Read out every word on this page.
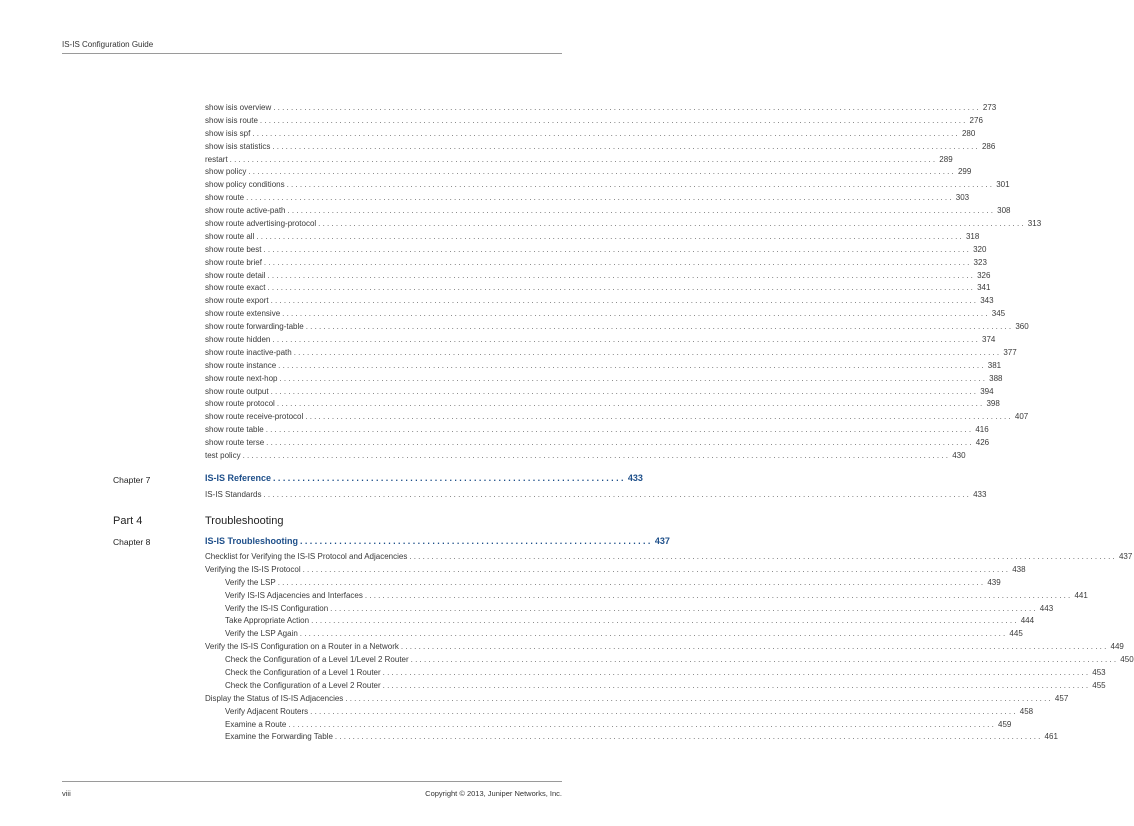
IS-IS Configuration Guide
show isis overview ................................................................................................................................................................ 273
show isis route ................................................................................................................................................................ 276
show isis spf ................................................................................................................................................................ 280
show isis statistics ................................................................................................................................................................ 286
restart ................................................................................................................................................................ 289
show policy ................................................................................................................................................................ 299
show policy conditions ................................................................................................................................................................ 301
show route ................................................................................................................................................................ 303
show route active-path ................................................................................................................................................................ 308
show route advertising-protocol ................................................................................................................................................................ 313
show route all ................................................................................................................................................................ 318
show route best ................................................................................................................................................................ 320
show route brief ................................................................................................................................................................ 323
show route detail ................................................................................................................................................................ 326
show route exact ................................................................................................................................................................ 341
show route export ................................................................................................................................................................ 343
show route extensive ................................................................................................................................................................ 345
show route forwarding-table ................................................................................................................................................................ 360
show route hidden ................................................................................................................................................................ 374
show route inactive-path ................................................................................................................................................................ 377
show route instance ................................................................................................................................................................ 381
show route next-hop ................................................................................................................................................................ 388
show route output ................................................................................................................................................................ 394
show route protocol ................................................................................................................................................................ 398
show route receive-protocol ................................................................................................................................................................ 407
show route table ................................................................................................................................................................ 416
show route terse ................................................................................................................................................................ 426
test policy ................................................................................................................................................................ 430
Chapter 7	IS-IS Reference ........................................................................ 433
IS-IS Standards ................................................................................................................................................................ 433
Part 4	Troubleshooting
Chapter 8	IS-IS Troubleshooting ........................................................................ 437
Checklist for Verifying the IS-IS Protocol and Adjacencies ................................................................................................................................................................ 437
Verifying the IS-IS Protocol ................................................................................................................................................................ 438
Verify the LSP ................................................................................................................................................................ 439
Verify IS-IS Adjacencies and Interfaces ................................................................................................................................................................ 441
Verify the IS-IS Configuration ................................................................................................................................................................ 443
Take Appropriate Action ................................................................................................................................................................ 444
Verify the LSP Again ................................................................................................................................................................ 445
Verify the IS-IS Configuration on a Router in a Network ................................................................................................................................................................ 449
Check the Configuration of a Level 1/Level 2 Router ................................................................................................................................................................ 450
Check the Configuration of a Level 1 Router ................................................................................................................................................................ 453
Check the Configuration of a Level 2 Router ................................................................................................................................................................ 455
Display the Status of IS-IS Adjacencies ................................................................................................................................................................ 457
Verify Adjacent Routers ................................................................................................................................................................ 458
Examine a Route ................................................................................................................................................................ 459
Examine the Forwarding Table ................................................................................................................................................................ 461
viii	Copyright © 2013, Juniper Networks, Inc.
